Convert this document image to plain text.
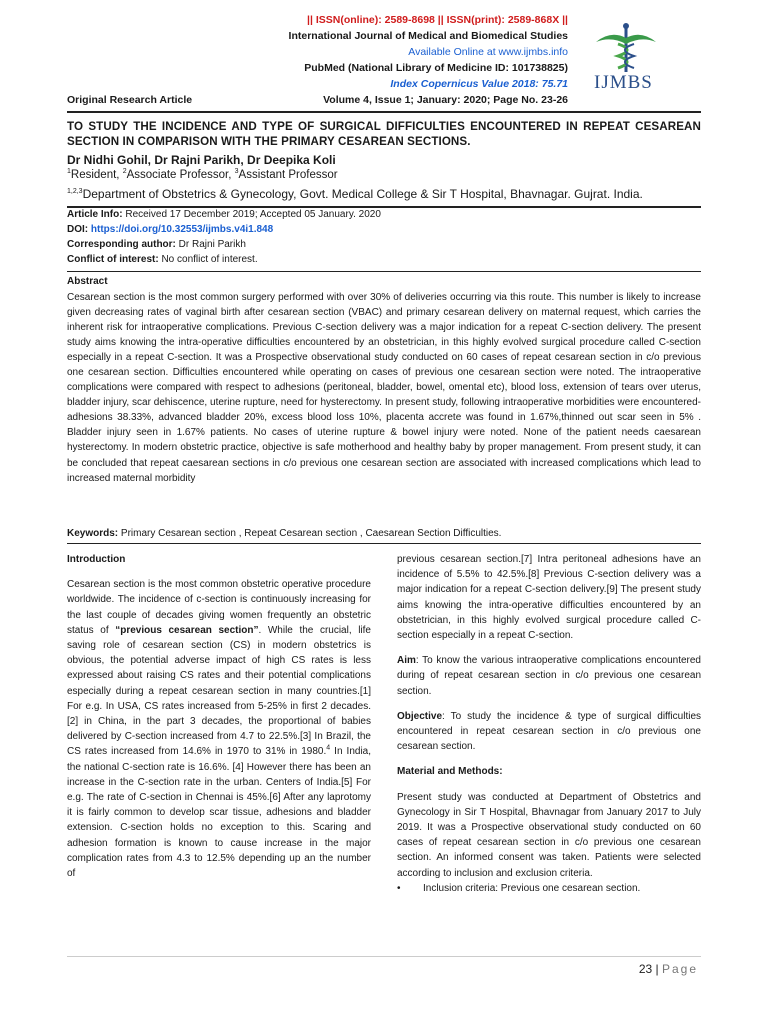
|| ISSN(online): 2589-8698 || ISSN(print): 2589-868X ||
International Journal of Medical and Biomedical Studies
Available Online at www.ijmbs.info
PubMed (National Library of Medicine ID: 101738825)
Index Copernicus Value 2018: 75.71 IJMBS
Original Research Article	Volume 4, Issue 1; January: 2020; Page No. 23-26
TO STUDY THE INCIDENCE AND TYPE OF SURGICAL DIFFICULTIES ENCOUNTERED IN REPEAT CESAREAN SECTION IN COMPARISON WITH THE PRIMARY CESAREAN SECTIONS.
Dr Nidhi Gohil, Dr Rajni Parikh, Dr Deepika Koli
$^1$Resident, $^2$Associate Professor, $^3$Assistant Professor
$^{1,2,3}$Department of Obstetrics & Gynecology, Govt. Medical College & Sir T Hospital, Bhavnagar. Gujrat. India.
Article Info: Received 17 December 2019; Accepted 05 January. 2020
DOI: https://doi.org/10.32553/ijmbs.v4i1.848
Corresponding author: Dr Rajni Parikh
Conflict of interest: No conflict of interest.
Abstract
Cesarean section is the most common surgery performed with over 30% of deliveries occurring via this route. This number is likely to increase given decreasing rates of vaginal birth after cesarean section (VBAC) and primary cesarean delivery on maternal request, which carries the inherent risk for intraoperative complications. Previous C-section delivery was a major indication for a repeat C-section delivery. The present study aims knowing the intra-operative difficulties encountered by an obstetrician, in this highly evolved surgical procedure called C-section especially in a repeat C-section. It was a Prospective observational study conducted on 60 cases of repeat cesarean section in c/o previous one cesarean section. Difficulties encountered while operating on cases of previous one cesarean section were noted. The intraoperative complications were compared with respect to adhesions (peritoneal, bladder, bowel, omental etc), blood loss, extension of tears over uterus, bladder injury, scar dehiscence, uterine rupture, need for hysterectomy. In present study, following intraoperative morbidities were encountered- adhesions 38.33%, advanced bladder 20%, excess blood loss 10%, placenta accrete was found in 1.67%,thinned out scar seen in 5% . Bladder injury seen in 1.67% patients. No cases of uterine rupture & bowel injury were noted. None of the patient needs caesarean hysterectomy. In modern obstetric practice, objective is safe motherhood and healthy baby by proper management. From present study, it can be concluded that repeat caesarean sections in c/o previous one cesarean section are associated with increased complications which lead to increased maternal morbidity
Keywords: Primary Cesarean section , Repeat Cesarean section , Caesarean Section Difficulties.

Introduction

Cesarean section is the most common obstetric operative procedure worldwide. The incidence of c-section is continuously increasing for the last couple of decades giving women frequently an obstetric status of “previous cesarean section”. While the crucial, life saving role of cesarean section (CS) in modern obstetrics is obvious, the potential adverse impact of high CS rates is less expressed about raising CS rates and their potential complications especially during a repeat cesarean section in many countries.[1] For e.g. In USA, CS rates increased from 5-25% in first 2 decades.[2] in China, in the part 3 decades, the proportional of babies delivered by C-section increased from 4.7 to 22.5%.[3] In Brazil, the CS rates increased from 14.6% in 1970 to 31% in 1980.$^4$ In India, the national C-section rate is 16.6%. [4] However there has been an increase in the C-section rate in the urban. Centers of India.[5] For e.g. The rate of C-section in Chennai is 45%.[6] After any laprotomy it is fairly common to develop scar tissue, adhesions and bladder extension. C-section holds no exception to this. Scaring and adhesion formation is known to cause increase in the major complication rates from 4.3 to 12.5% depending up an the number of

previous cesarean section.[7] Intra peritoneal adhesions have an incidence of 5.5% to 42.5%.[8] Previous C-section delivery was a major indication for a repeat C-section delivery.[9] The present study aims knowing the intra-operative difficulties encountered by an obstetrician, in this highly evolved surgical procedure called C-section especially in a repeat C-section.

Aim: To know the various intraoperative complications encountered during of repeat cesarean section in c/o previous one cesarean section.

Objective: To study the incidence & type of surgical difficulties encountered in repeat cesarean section in c/o previous one cesarean section.

Material and Methods:

Present study was conducted at Department of Obstetrics and Gynecology in Sir T Hospital, Bhavnagar from January 2017 to July 2019. It was a Prospective observational study conducted on 60 cases of repeat cesarean section in c/o previous one cesarean section. An informed consent was taken. Patients were selected according to inclusion and exclusion criteria.

•	Inclusion criteria: Previous one cesarean section.
23 | Page
